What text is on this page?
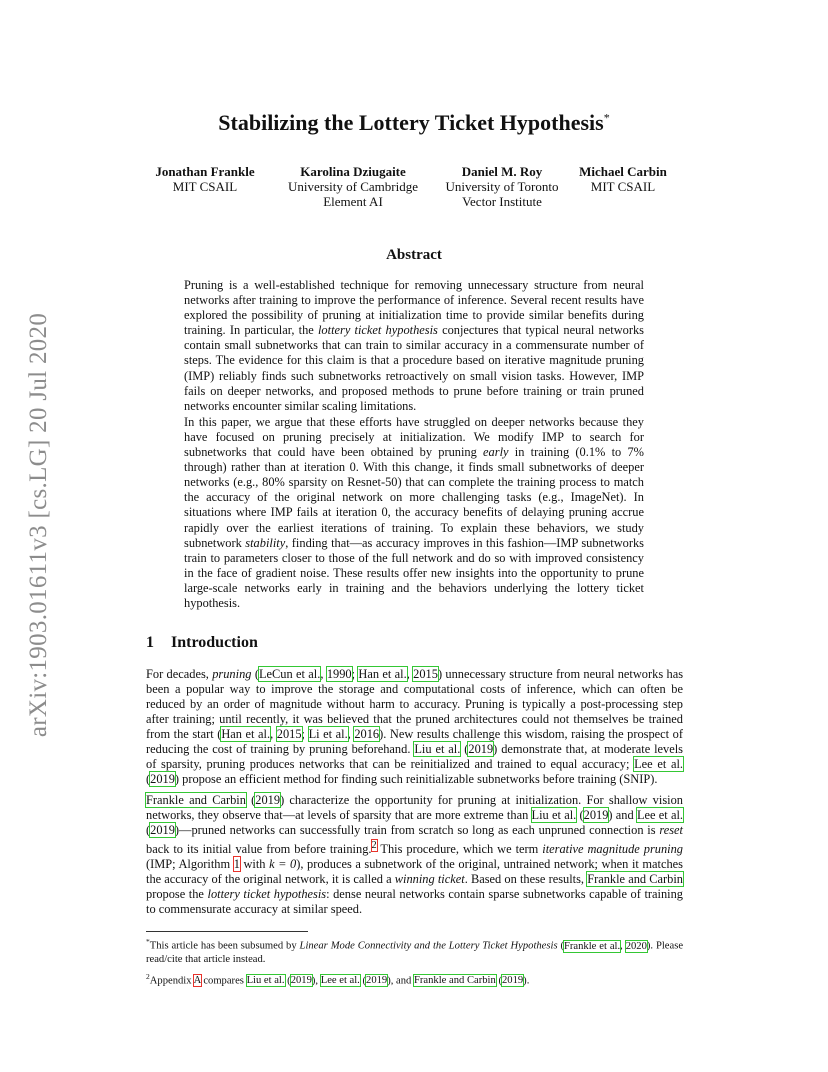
arXiv:1903.01611v3 [cs.LG] 20 Jul 2020
Stabilizing the Lottery Ticket Hypothesis*
Jonathan Frankle
MIT CSAIL
Karolina Dziugaite
University of Cambridge
Element AI
Daniel M. Roy
University of Toronto
Vector Institute
Michael Carbin
MIT CSAIL
Abstract

Pruning is a well-established technique for removing unnecessary structure from neural networks after training to improve the performance of inference. Several recent results have explored the possibility of pruning at initialization time to provide similar benefits during training. In particular, the lottery ticket hypothesis conjectures that typical neural networks contain small subnetworks that can train to similar accuracy in a commensurate number of steps. The evidence for this claim is that a procedure based on iterative magnitude pruning (IMP) reliably finds such subnetworks retroactively on small vision tasks. However, IMP fails on deeper networks, and proposed methods to prune before training or train pruned networks encounter similar scaling limitations.

In this paper, we argue that these efforts have struggled on deeper networks because they have focused on pruning precisely at initialization. We modify IMP to search for subnetworks that could have been obtained by pruning early in training (0.1% to 7% through) rather than at iteration 0. With this change, it finds small subnetworks of deeper networks (e.g., 80% sparsity on Resnet-50) that can complete the training process to match the accuracy of the original network on more challenging tasks (e.g., ImageNet). In situations where IMP fails at iteration 0, the accuracy benefits of delaying pruning accrue rapidly over the earliest iterations of training. To explain these behaviors, we study subnetwork stability, finding that—as accuracy improves in this fashion—IMP subnetworks train to parameters closer to those of the full network and do so with improved consistency in the face of gradient noise. These results offer new insights into the opportunity to prune large-scale networks early in training and the behaviors underlying the lottery ticket hypothesis.

1 Introduction

For decades, pruning (LeCun et al., 1990; Han et al., 2015) unnecessary structure from neural networks has been a popular way to improve the storage and computational costs of inference, which can often be reduced by an order of magnitude without harm to accuracy. Pruning is typically a post-processing step after training; until recently, it was believed that the pruned architectures could not themselves be trained from the start (Han et al., 2015; Li et al., 2016). New results challenge this wisdom, raising the prospect of reducing the cost of training by pruning beforehand. Liu et al. (2019) demonstrate that, at moderate levels of sparsity, pruning produces networks that can be reinitialized and trained to equal accuracy; Lee et al. (2019) propose an efficient method for finding such reinitializable subnetworks before training (SNIP).

Frankle and Carbin (2019) characterize the opportunity for pruning at initialization. For shallow vision networks, they observe that—at levels of sparsity that are more extreme than Liu et al. (2019) and Lee et al. (2019)—pruned networks can successfully train from scratch so long as each unpruned connection is reset back to its initial value from before training.$^2$ This procedure, which we term iterative magnitude pruning (IMP; Algorithm 1 with k = 0), produces a subnetwork of the original, untrained network; when it matches the accuracy of the original network, it is called a winning ticket. Based on these results, Frankle and Carbin propose the lottery ticket hypothesis: dense neural networks contain sparse subnetworks capable of training to commensurate accuracy at similar speed.

*This article has been subsumed by Linear Mode Connectivity and the Lottery Ticket Hypothesis (Frankle et al., 2020). Please read/cite that article instead.

$^2$Appendix A compares Liu et al. (2019), Lee et al. (2019), and Frankle and Carbin (2019).
